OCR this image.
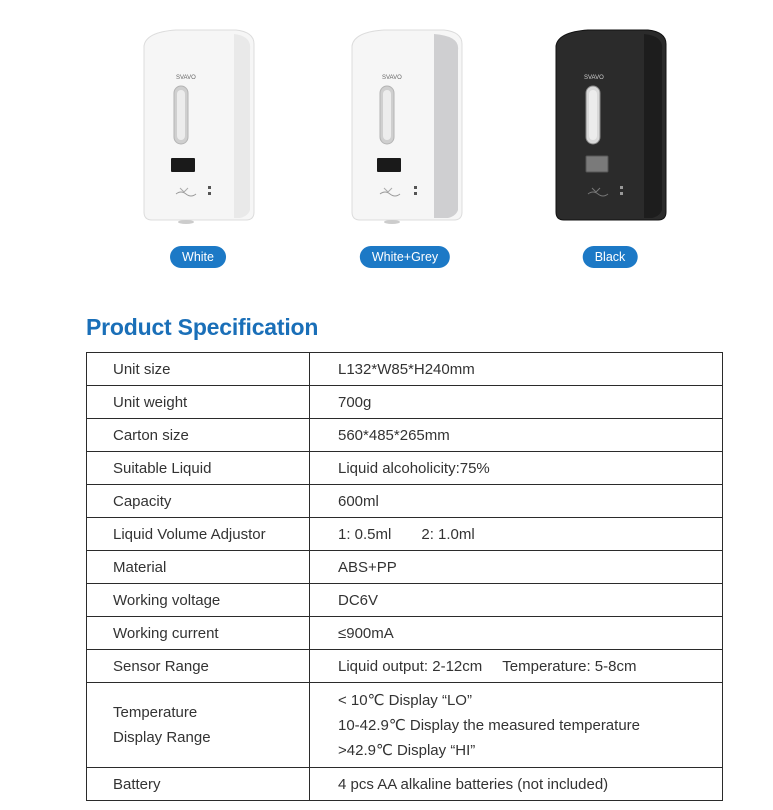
SVAVO	SVAVO	SVAVO
White	White+Grey	Black
Product Specification
Unit size	L132*W85*H240mm
Unit weight	700g
Carton size	560*485*265mm
Suitable Liquid	Liquid alcoholicity:75%
Capacity	600ml
Liquid Volume Adjustor	1: 0.5ml 2: 1.0ml
Material	ABS+PP
Working voltage	DC6V
Working current	≤900mA
Sensor Range	Liquid output: 2-12cm Temperature: 5-8cm

Temperature
Display Range	< 10℃ Display “LO”
10-42.9℃ Display the measured temperature
>42.9℃ Display “HI”

Battery	4 pcs AA alkaline batteries (not included)
